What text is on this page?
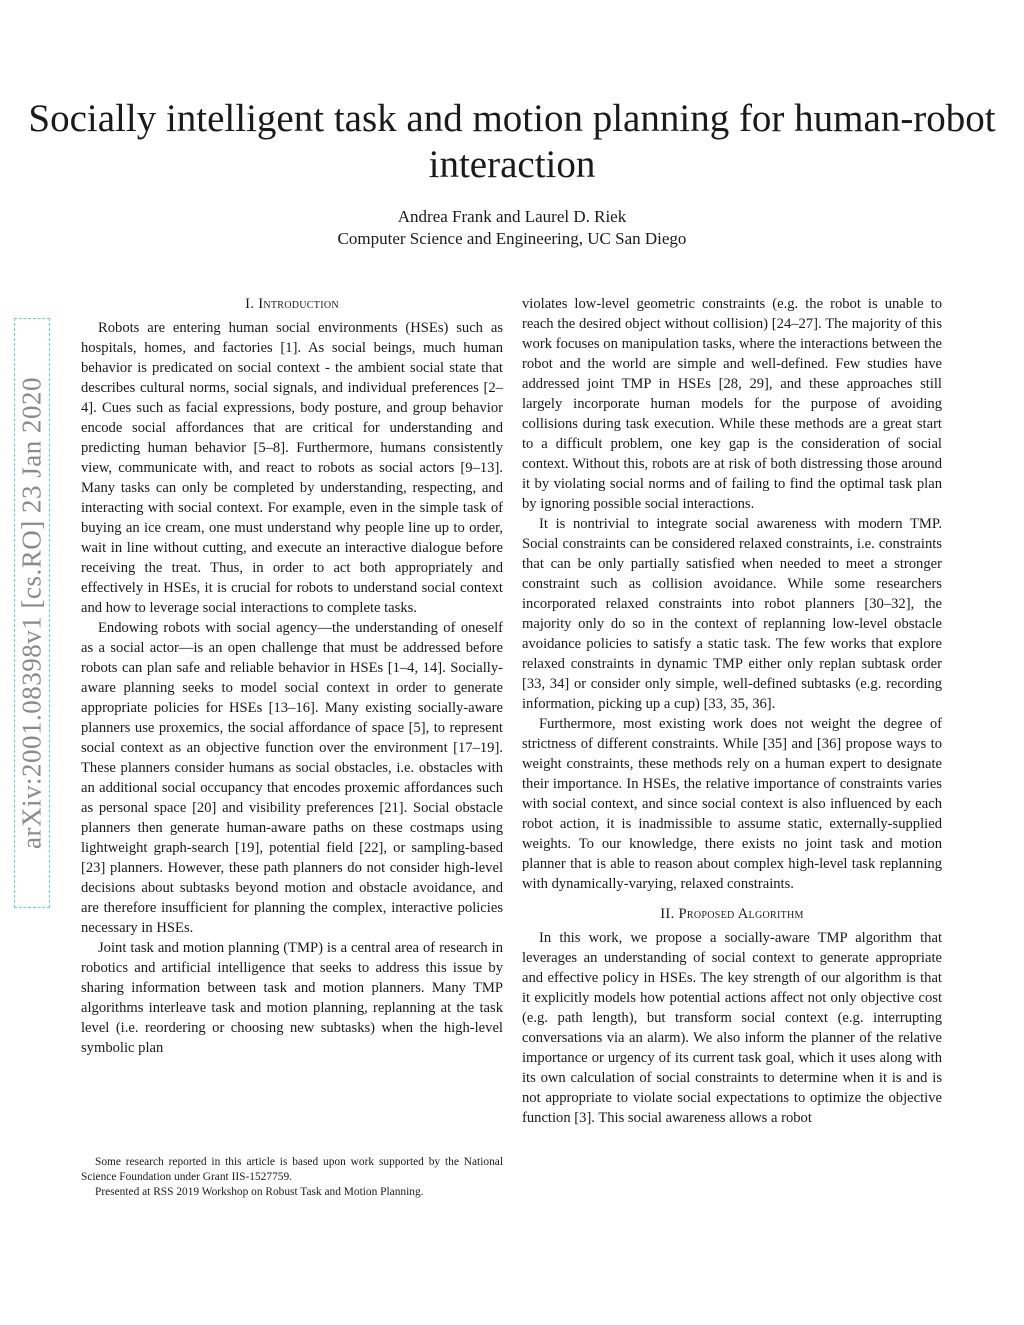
Socially intelligent task and motion planning for human-robot interaction
Andrea Frank and Laurel D. Riek
Computer Science and Engineering, UC San Diego
arXiv:2001.08398v1 [cs.RO] 23 Jan 2020
I. Introduction

Robots are entering human social environments (HSEs) such as hospitals, homes, and factories [1]. As social beings, much human behavior is predicated on social context - the ambient social state that describes cultural norms, social signals, and individual preferences [2–4]. Cues such as facial expressions, body posture, and group behavior encode social affordances that are critical for understanding and predicting human behavior [5–8]. Furthermore, humans consistently view, communicate with, and react to robots as social actors [9–13]. Many tasks can only be completed by understanding, respecting, and interacting with social context. For example, even in the simple task of buying an ice cream, one must understand why people line up to order, wait in line without cutting, and execute an interactive dialogue before receiving the treat. Thus, in order to act both appropriately and effectively in HSEs, it is crucial for robots to understand social context and how to leverage social interactions to complete tasks.

Endowing robots with social agency—the understanding of oneself as a social actor—is an open challenge that must be addressed before robots can plan safe and reliable behavior in HSEs [1–4, 14]. Socially-aware planning seeks to model social context in order to generate appropriate policies for HSEs [13–16]. Many existing socially-aware planners use proxemics, the social affordance of space [5], to represent social context as an objective function over the environment [17–19]. These planners consider humans as social obstacles, i.e. obstacles with an additional social occupancy that encodes proxemic affordances such as personal space [20] and visibility preferences [21]. Social obstacle planners then generate human-aware paths on these costmaps using lightweight graph-search [19], potential field [22], or sampling-based [23] planners. However, these path planners do not consider high-level decisions about subtasks beyond motion and obstacle avoidance, and are therefore insufficient for planning the complex, interactive policies necessary in HSEs.

Joint task and motion planning (TMP) is a central area of research in robotics and artificial intelligence that seeks to address this issue by sharing information between task and motion planners. Many TMP algorithms interleave task and motion planning, replanning at the task level (i.e. reordering or choosing new subtasks) when the high-level symbolic plan

Some research reported in this article is based upon work supported by the National Science Foundation under Grant IIS-1527759.

Presented at RSS 2019 Workshop on Robust Task and Motion Planning.

violates low-level geometric constraints (e.g. the robot is unable to reach the desired object without collision) [24–27]. The majority of this work focuses on manipulation tasks, where the interactions between the robot and the world are simple and well-defined. Few studies have addressed joint TMP in HSEs [28, 29], and these approaches still largely incorporate human models for the purpose of avoiding collisions during task execution. While these methods are a great start to a difficult problem, one key gap is the consideration of social context. Without this, robots are at risk of both distressing those around it by violating social norms and of failing to find the optimal task plan by ignoring possible social interactions.

It is nontrivial to integrate social awareness with modern TMP. Social constraints can be considered relaxed constraints, i.e. constraints that can be only partially satisfied when needed to meet a stronger constraint such as collision avoidance. While some researchers incorporated relaxed constraints into robot planners [30–32], the majority only do so in the context of replanning low-level obstacle avoidance policies to satisfy a static task. The few works that explore relaxed constraints in dynamic TMP either only replan subtask order [33, 34] or consider only simple, well-defined subtasks (e.g. recording information, picking up a cup) [33, 35, 36].

Furthermore, most existing work does not weight the degree of strictness of different constraints. While [35] and [36] propose ways to weight constraints, these methods rely on a human expert to designate their importance. In HSEs, the relative importance of constraints varies with social context, and since social context is also influenced by each robot action, it is inadmissible to assume static, externally-supplied weights. To our knowledge, there exists no joint task and motion planner that is able to reason about complex high-level task replanning with dynamically-varying, relaxed constraints.

II. Proposed Algorithm

In this work, we propose a socially-aware TMP algorithm that leverages an understanding of social context to generate appropriate and effective policy in HSEs. The key strength of our algorithm is that it explicitly models how potential actions affect not only objective cost (e.g. path length), but transform social context (e.g. interrupting conversations via an alarm). We also inform the planner of the relative importance or urgency of its current task goal, which it uses along with its own calculation of social constraints to determine when it is and is not appropriate to violate social expectations to optimize the objective function [3]. This social awareness allows a robot
